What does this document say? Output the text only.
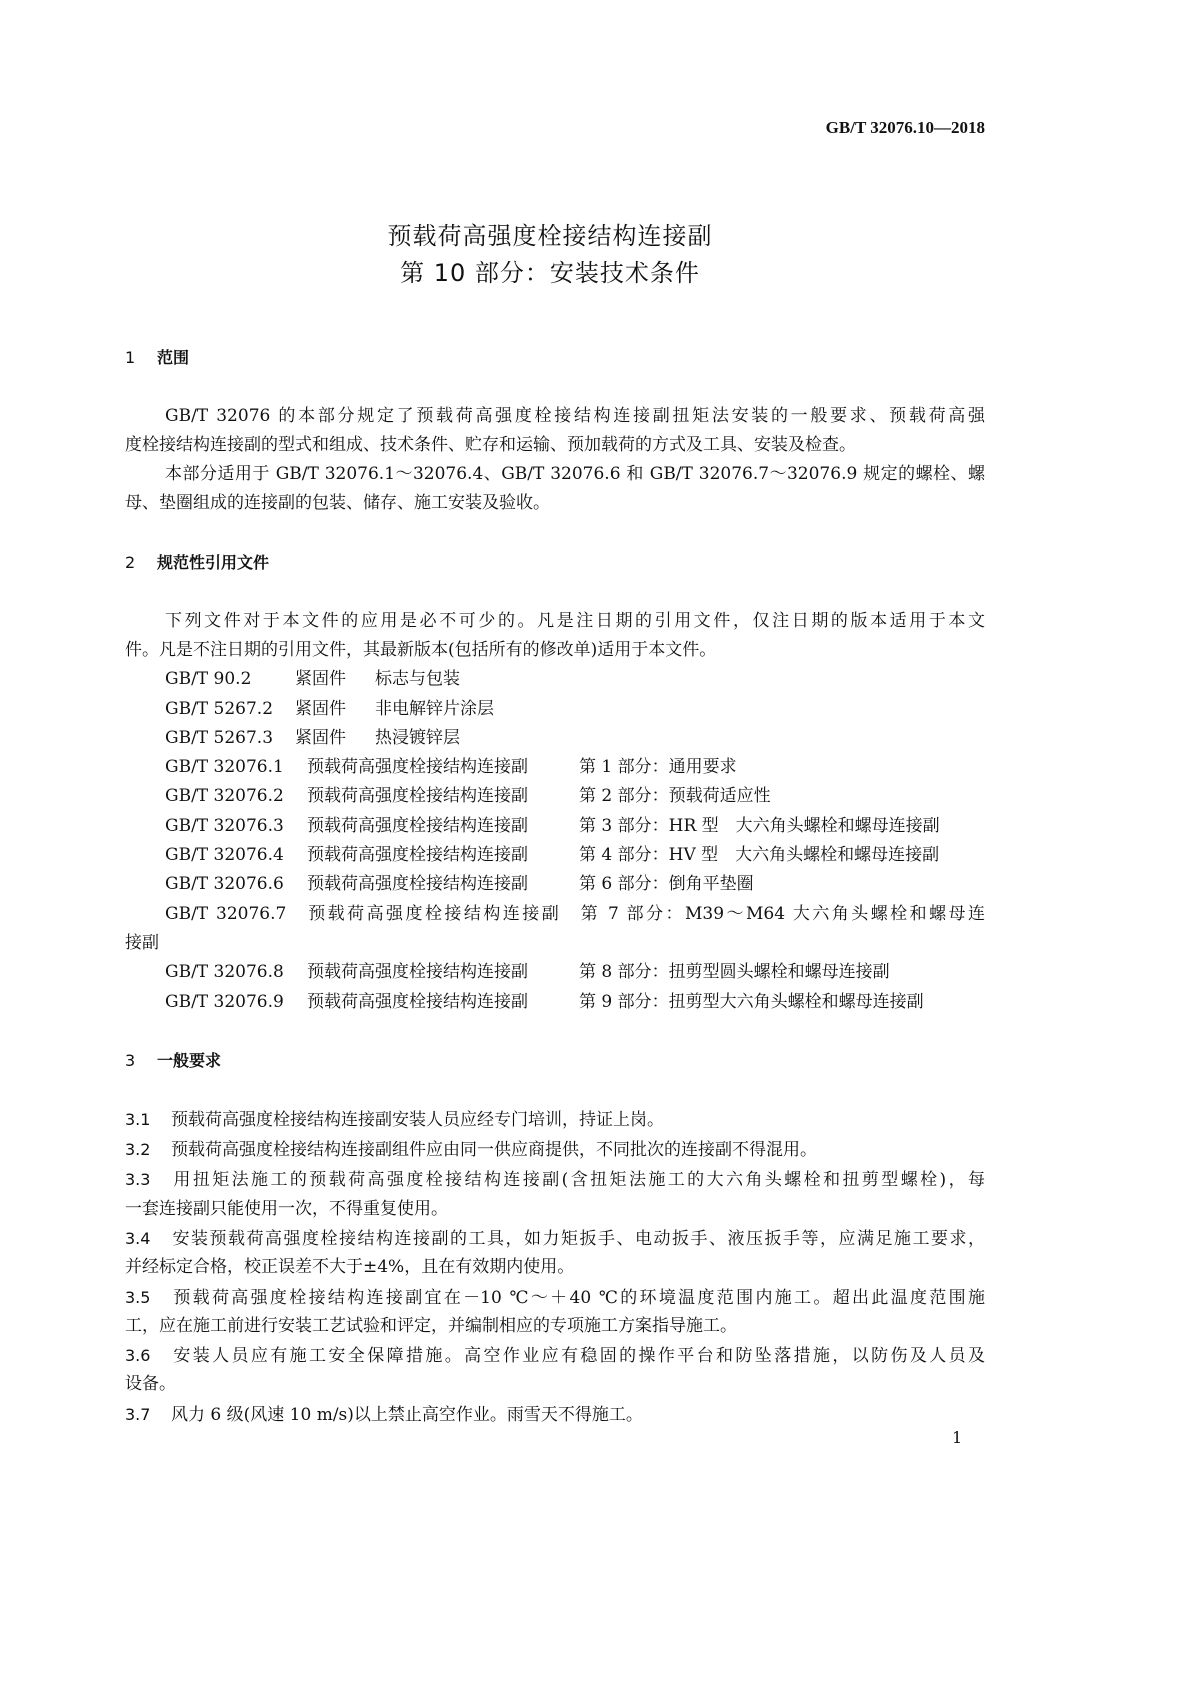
GB/T 32076.10—2018
预载荷高强度栓接结构连接副
第 10 部分：安装技术条件
1 范围
GB/T 32076 的本部分规定了预载荷高强度栓接结构连接副扭矩法安装的一般要求、预载荷高强
度栓接结构连接副的型式和组成、技术条件、贮存和运输、预加载荷的方式及工具、安装及检查。
本部分适用于 GB/T 32076.1～32076.4、GB/T 32076.6 和 GB/T 32076.7～32076.9 规定的螺栓、螺
母、垫圈组成的连接副的包装、储存、施工安装及验收。
2 规范性引用文件
下列文件对于本文件的应用是必不可少的。凡是注日期的引用文件，仅注日期的版本适用于本文
件。凡是不注日期的引用文件，其最新版本(包括所有的修改单)适用于本文件。
GB/T 90.2	紧固件 标志与包装
GB/T 5267.2 紧固件 非电解锌片涂层
GB/T 5267.3 紧固件 热浸镀锌层
GB/T 32076.1 预载荷高强度栓接结构连接副	第 1 部分：通用要求
GB/T 32076.2 预载荷高强度栓接结构连接副	第 2 部分：预载荷适应性
GB/T 32076.3 预载荷高强度栓接结构连接副	第 3 部分：HR 型　大六角头螺栓和螺母连接副
GB/T 32076.4 预载荷高强度栓接结构连接副	第 4 部分：HV 型　大六角头螺栓和螺母连接副
GB/T 32076.6 预载荷高强度栓接结构连接副	第 6 部分：倒角平垫圈
GB/T 32076.7　预载荷高强度栓接结构连接副　第 7 部分：M39～M64 大六角头螺栓和螺母连
接副
GB/T 32076.8 预载荷高强度栓接结构连接副	第 8 部分：扭剪型圆头螺栓和螺母连接副
GB/T 32076.9 预载荷高强度栓接结构连接副	第 9 部分：扭剪型大六角头螺栓和螺母连接副
3 一般要求
3.1 预载荷高强度栓接结构连接副安装人员应经专门培训，持证上岗。
3.2 预载荷高强度栓接结构连接副组件应由同一供应商提供，不同批次的连接副不得混用。
3.3 用扭矩法施工的预载荷高强度栓接结构连接副(含扭矩法施工的大六角头螺栓和扭剪型螺栓)，每
一套连接副只能使用一次，不得重复使用。
3.4 安装预载荷高强度栓接结构连接副的工具，如力矩扳手、电动扳手、液压扳手等，应满足施工要求，
并经标定合格，校正误差不大于±4%，且在有效期内使用。
3.5 预载荷高强度栓接结构连接副宜在－10 ℃～＋40 ℃的环境温度范围内施工。超出此温度范围施
工，应在施工前进行安装工艺试验和评定，并编制相应的专项施工方案指导施工。
3.6 安装人员应有施工安全保障措施。高空作业应有稳固的操作平台和防坠落措施，以防伤及人员及
设备。
3.7 风力 6 级(风速 10 m/s)以上禁止高空作业。雨雪天不得施工。
1
